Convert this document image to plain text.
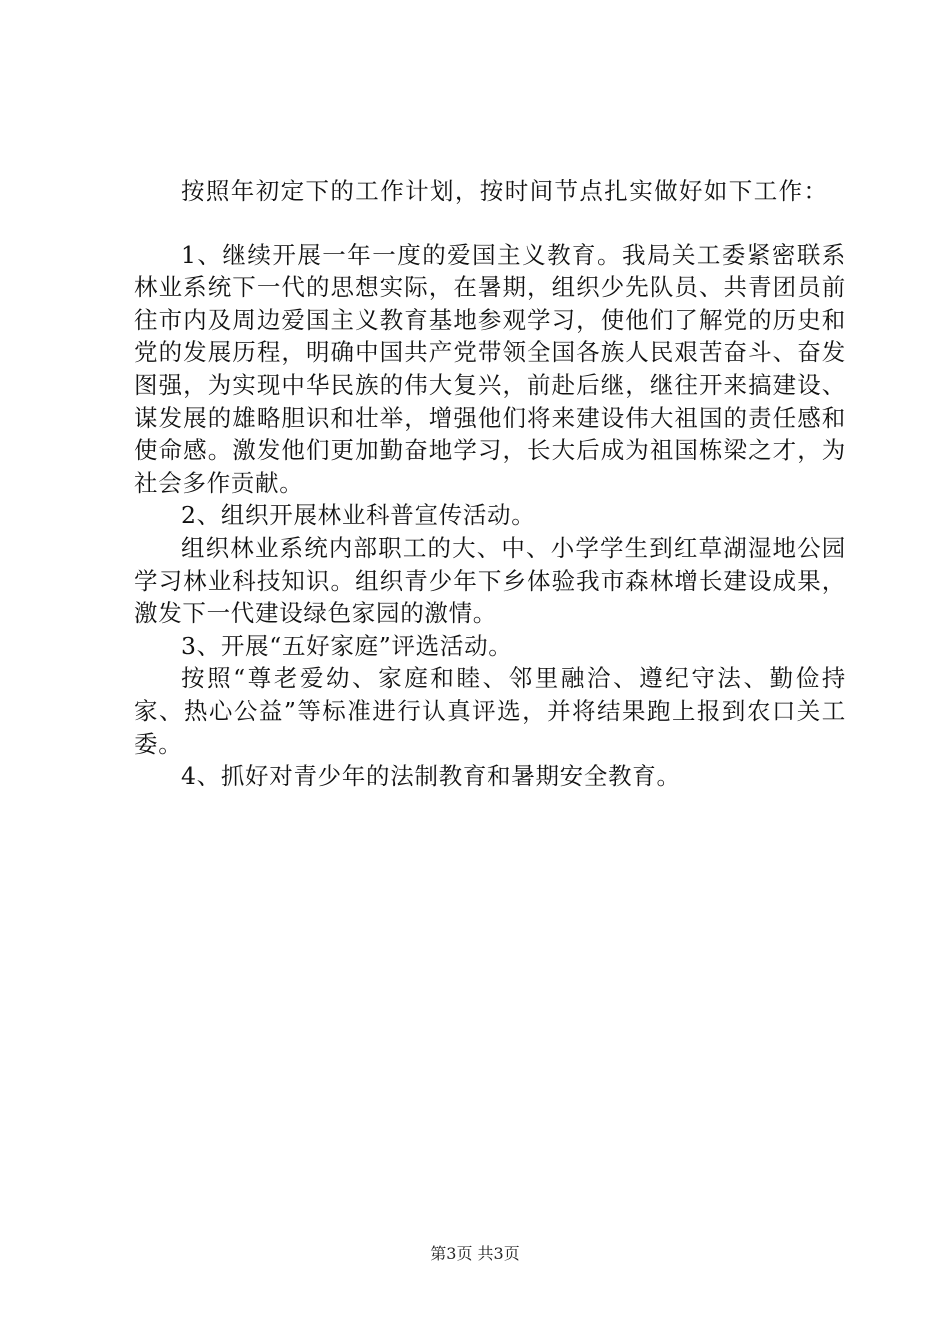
按照年初定下的工作计划，按时间节点扎实做好如下工作：

1、继续开展一年一度的爱国主义教育。我局关工委紧密联系林业系统下一代的思想实际，在暑期，组织少先队员、共青团员前往市内及周边爱国主义教育基地参观学习，使他们了解党的历史和党的发展历程，明确中国共产党带领全国各族人民艰苦奋斗、奋发图强，为实现中华民族的伟大复兴，前赴后继，继往开来搞建设、谋发展的雄略胆识和壮举，增强他们将来建设伟大祖国的责任感和使命感。激发他们更加勤奋地学习，长大后成为祖国栋梁之才，为社会多作贡献。

2、组织开展林业科普宣传活动。

组织林业系统内部职工的大、中、小学学生到红草湖湿地公园学习林业科技知识。组织青少年下乡体验我市森林增长建设成果，激发下一代建设绿色家园的激情。

3、开展“五好家庭”评选活动。

按照“尊老爱幼、家庭和睦、邻里融洽、遵纪守法、勤俭持家、热心公益”等标准进行认真评选，并将结果跑上报到农口关工委。

4、抓好对青少年的法制教育和暑期安全教育。

第3页 共3页
